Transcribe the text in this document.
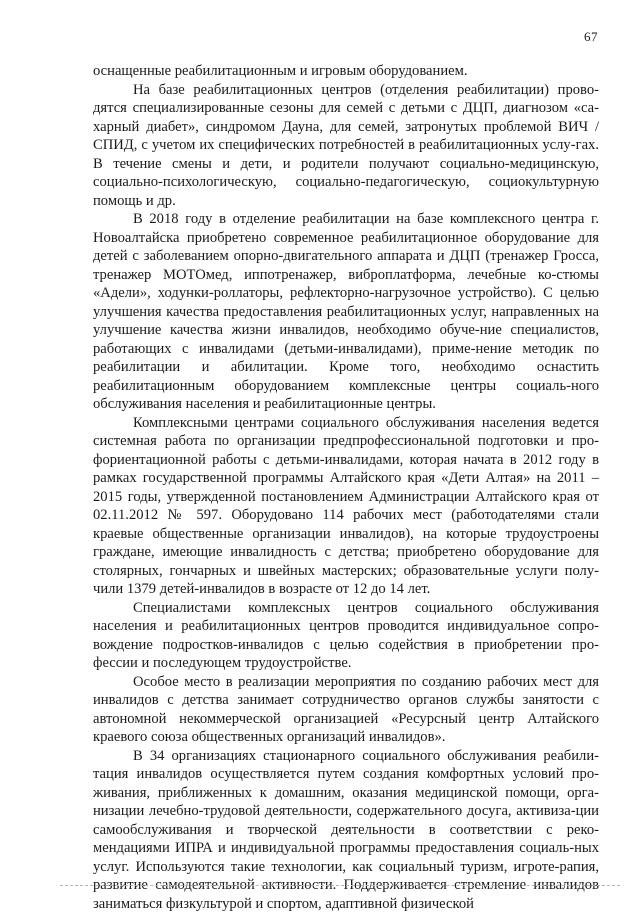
67

оснащенные реабилитационным и игровым оборудованием.

На базе реабилитационных центров (отделения реабилитации) прово-дятся специализированные сезоны для семей с детьми с ДЦП, диагнозом «са-харный диабет», синдромом Дауна, для семей, затронутых проблемой ВИЧ / СПИД, с учетом их специфических потребностей в реабилитационных услу-гах. В течение смены и дети, и родители получают социально-медицинскую, социально-психологическую, социально-педагогическую, социокультурную помощь и др.

В 2018 году в отделение реабилитации на базе комплексного центра г. Новоалтайска приобретено современное реабилитационное оборудование для детей с заболеванием опорно-двигательного аппарата и ДЦП (тренажер Гросса, тренажер МОТОмед, иппотренажер, виброплатформа, лечебные ко-стюмы «Адели», ходунки-роллаторы, рефлекторно-нагрузочное устройство). С целью улучшения качества предоставления реабилитационных услуг, направленных на улучшение качества жизни инвалидов, необходимо обуче-ние специалистов, работающих с инвалидами (детьми-инвалидами), приме-нение методик по реабилитации и абилитации. Кроме того, необходимо оснастить реабилитационным оборудованием комплексные центры социаль-ного обслуживания населения и реабилитационные центры.

Комплексными центрами социального обслуживания населения ведется системная работа по организации предпрофессиональной подготовки и про-фориентационной работы с детьми-инвалидами, которая начата в 2012 году в рамках государственной программы Алтайского края «Дети Алтая» на 2011 – 2015 годы, утвержденной постановлением Администрации Алтайского края от 02.11.2012 № 597. Оборудовано 114 рабочих мест (работодателями стали краевые общественные организации инвалидов), на которые трудоустроены граждане, имеющие инвалидность с детства; приобретено оборудование для столярных, гончарных и швейных мастерских; образовательные услуги полу-чили 1379 детей-инвалидов в возрасте от 12 до 14 лет.

Специалистами комплексных центров социального обслуживания населения и реабилитационных центров проводится индивидуальное сопро-вождение подростков-инвалидов с целью содействия в приобретении про-фессии и последующем трудоустройстве.

Особое место в реализации мероприятия по созданию рабочих мест для инвалидов с детства занимает сотрудничество органов службы занятости с автономной некоммерческой организацией «Ресурсный центр Алтайского краевого союза общественных организаций инвалидов».

В 34 организациях стационарного социального обслуживания реабили-тация инвалидов осуществляется путем создания комфортных условий про-живания, приближенных к домашним, оказания медицинской помощи, орга-низации лечебно-трудовой деятельности, содержательного досуга, активиза-ции самообслуживания и творческой деятельности в соответствии с реко-мендациями ИПРА и индивидуальной программы предоставления социаль-ных услуг. Используются такие технологии, как социальный туризм, игроте-рапия, развитие самодеятельной активности. Поддерживается стремление инвалидов заниматься физкультурой и спортом, адаптивной физической
